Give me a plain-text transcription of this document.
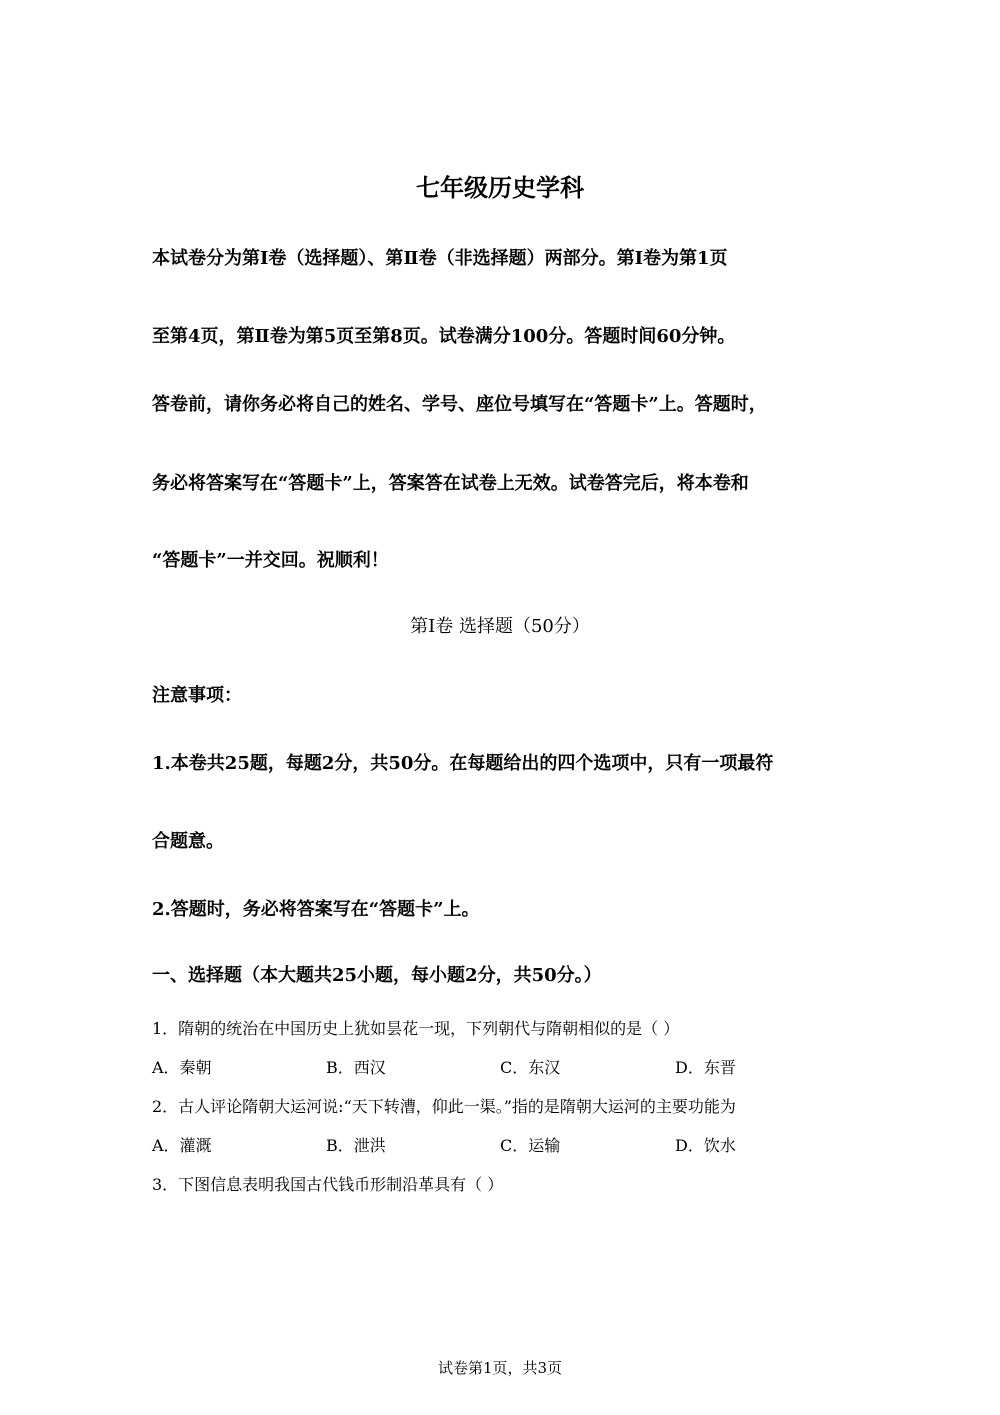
七年级历史学科
本试卷分为第Ⅰ卷（选择题）、第Ⅱ卷（非选择题）两部分。第Ⅰ卷为第1页
至第4页，第Ⅱ卷为第5页至第8页。试卷满分100分。答题时间60分钟。
答卷前，请你务必将自己的姓名、学号、座位号填写在“答题卡”上。答题时，
务必将答案写在“答题卡”上，答案答在试卷上无效。试卷答完后，将本卷和
“答题卡”一并交回。祝顺利！
第Ⅰ卷 选择题（50分）
注意事项：
1.本卷共25题，每题2分，共50分。在每题给出的四个选项中，只有一项最符
合题意。
2.答题时，务必将答案写在“答题卡”上。
一、选择题（本大题共25小题，每小题2分，共50分。）
1．隋朝的统治在中国历史上犹如昙花一现，下列朝代与隋朝相似的是（ ）
A．秦朝	B．西汉	C．东汉	D．东晋
2．古人评论隋朝大运河说:“天下转漕，仰此一渠。”指的是隋朝大运河的主要功能为
A．灌溉	B．泄洪	C．运输	D．饮水
3．下图信息表明我国古代钱币形制沿革具有（ ）
试卷第1页，共3页
